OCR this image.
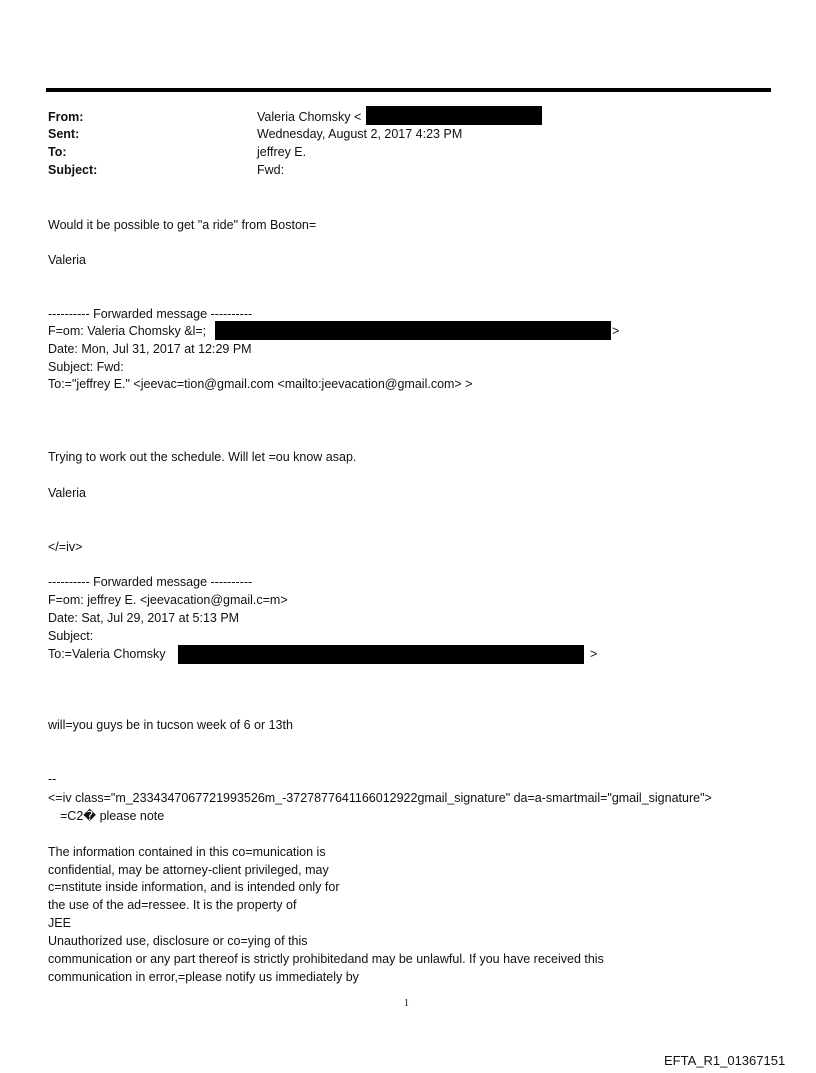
From:	Valeria Chomsky <
Sent:	Wednesday, August 2, 2017 4:23 PM
To:	jeffrey E.
Subject:	Fwd:
Would it be possible to get "a ride" from Boston=
Valeria
---------- Forwarded message ----------
F=om: Valeria Chomsky &l=;	>
Date: Mon, Jul 31, 2017 at 12:29 PM
Subject: Fwd:
To:="jeffrey E." <jeevac=tion@gmail.com <mailto:jeevacation@gmail.com> >
Trying to work out the schedule. Will let =ou know asap.
Valeria
</=iv>
---------- Forwarded message ----------
F=om: jeffrey E. <jeevacation@gmail.c=m>
Date: Sat, Jul 29, 2017 at 5:13 PM
Subject:
To:=Valeria Chomsky	>
will=you guys be in tucson week of 6 or 13th
--
<=iv class="m_2334347067721993526m_-3727877641166012922gmail_signature" da=a-smartmail="gmail_signature">
=C2� please note
The information contained in this co=munication is
confidential, may be attorney-client privileged, may
c=nstitute inside information, and is intended only for
the use of the ad=ressee. It is the property of
JEE
Unauthorized use, disclosure or co=ying of this
communication or any part thereof is strictly prohibitedand may be unlawful. If you have received this
communication in error,=please notify us immediately by
1
EFTA_R1_01367151
